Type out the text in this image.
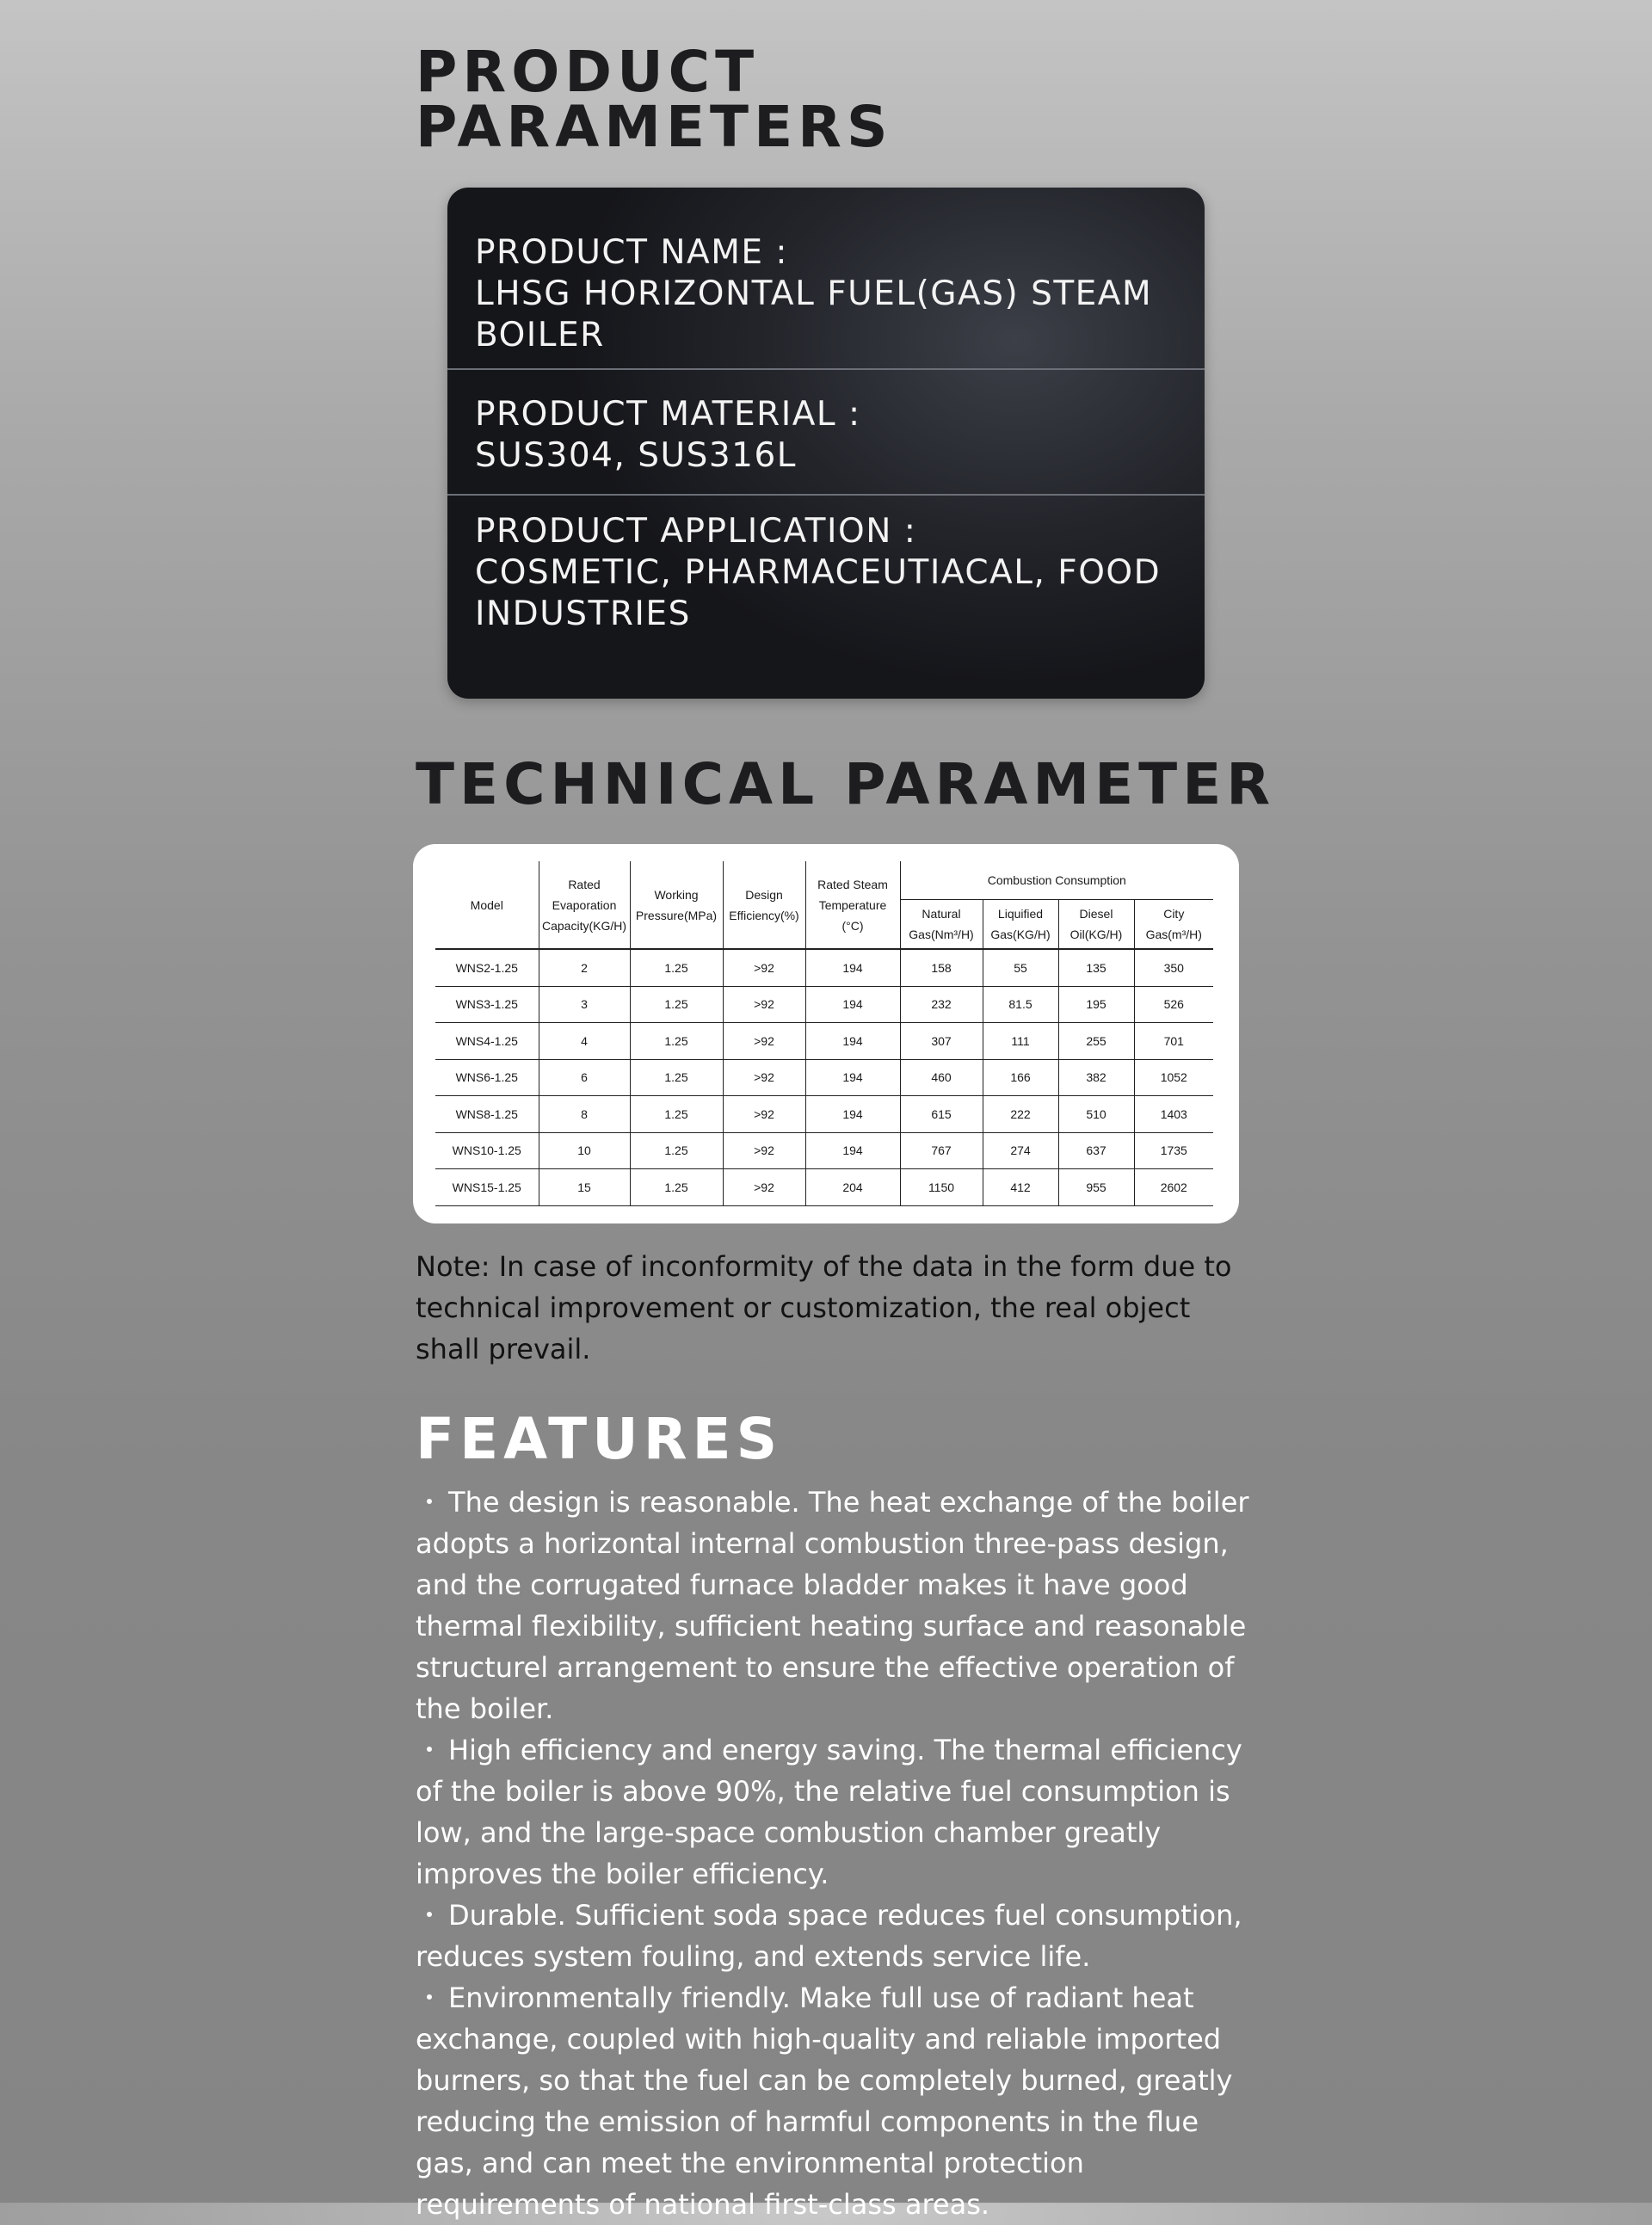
PRODUCT PARAMETERS
PRODUCT NAME :
LHSG HORIZONTAL FUEL(GAS) STEAM BOILER
PRODUCT MATERIAL :
SUS304, SUS316L
PRODUCT APPLICATION :
COSMETIC, PHARMACEUTIACAL, FOOD INDUSTRIES
TECHNICAL PARAMETER
Model	Rated Evaporation Capacity(KG/H)	Working Pressure(MPa)	Design Efficiency(%)	Rated Steam Temperature (°C)	Combustion Consumption			
					Natural Gas(Nm³/H)	Liquified Gas(KG/H)	Diesel Oil(KG/H)	City Gas(m³/H)
WNS2-1.25	2	1.25	>92	194	158	55	135	350
WNS3-1.25	3	1.25	>92	194	232	81.5	195	526
WNS4-1.25	4	1.25	>92	194	307	111	255	701
WNS6-1.25	6	1.25	>92	194	460	166	382	1052
WNS8-1.25	8	1.25	>92	194	615	222	510	1403
WNS10-1.25	10	1.25	>92	194	767	274	637	1735
WNS15-1.25	15	1.25	>92	204	1150	412	955	2602

Note: In case of inconformity of the data in the form due to technical improvement or customization, the real object shall prevail.

FEATURES
・ The design is reasonable. The heat exchange of the boiler adopts a horizontal internal combustion three-pass design, and the corrugated furnace bladder makes it have good thermal flexibility, sufficient heating surface and reasonable structurel arrangement to ensure the effective operation of the boiler.
・ High efficiency and energy saving. The thermal efficiency of the boiler is above 90%, the relative fuel consumption is low, and the large-space combustion chamber greatly improves the boiler efficiency.
・ Durable. Sufficient soda space reduces fuel consumption, reduces system fouling, and extends service life.
・ Environmentally friendly. Make full use of radiant heat exchange, coupled with high-quality and reliable imported burners, so that the fuel can be completely burned, greatly reducing the emission of harmful components in the flue gas, and can meet the environmental protection requirements of national first-class areas.
